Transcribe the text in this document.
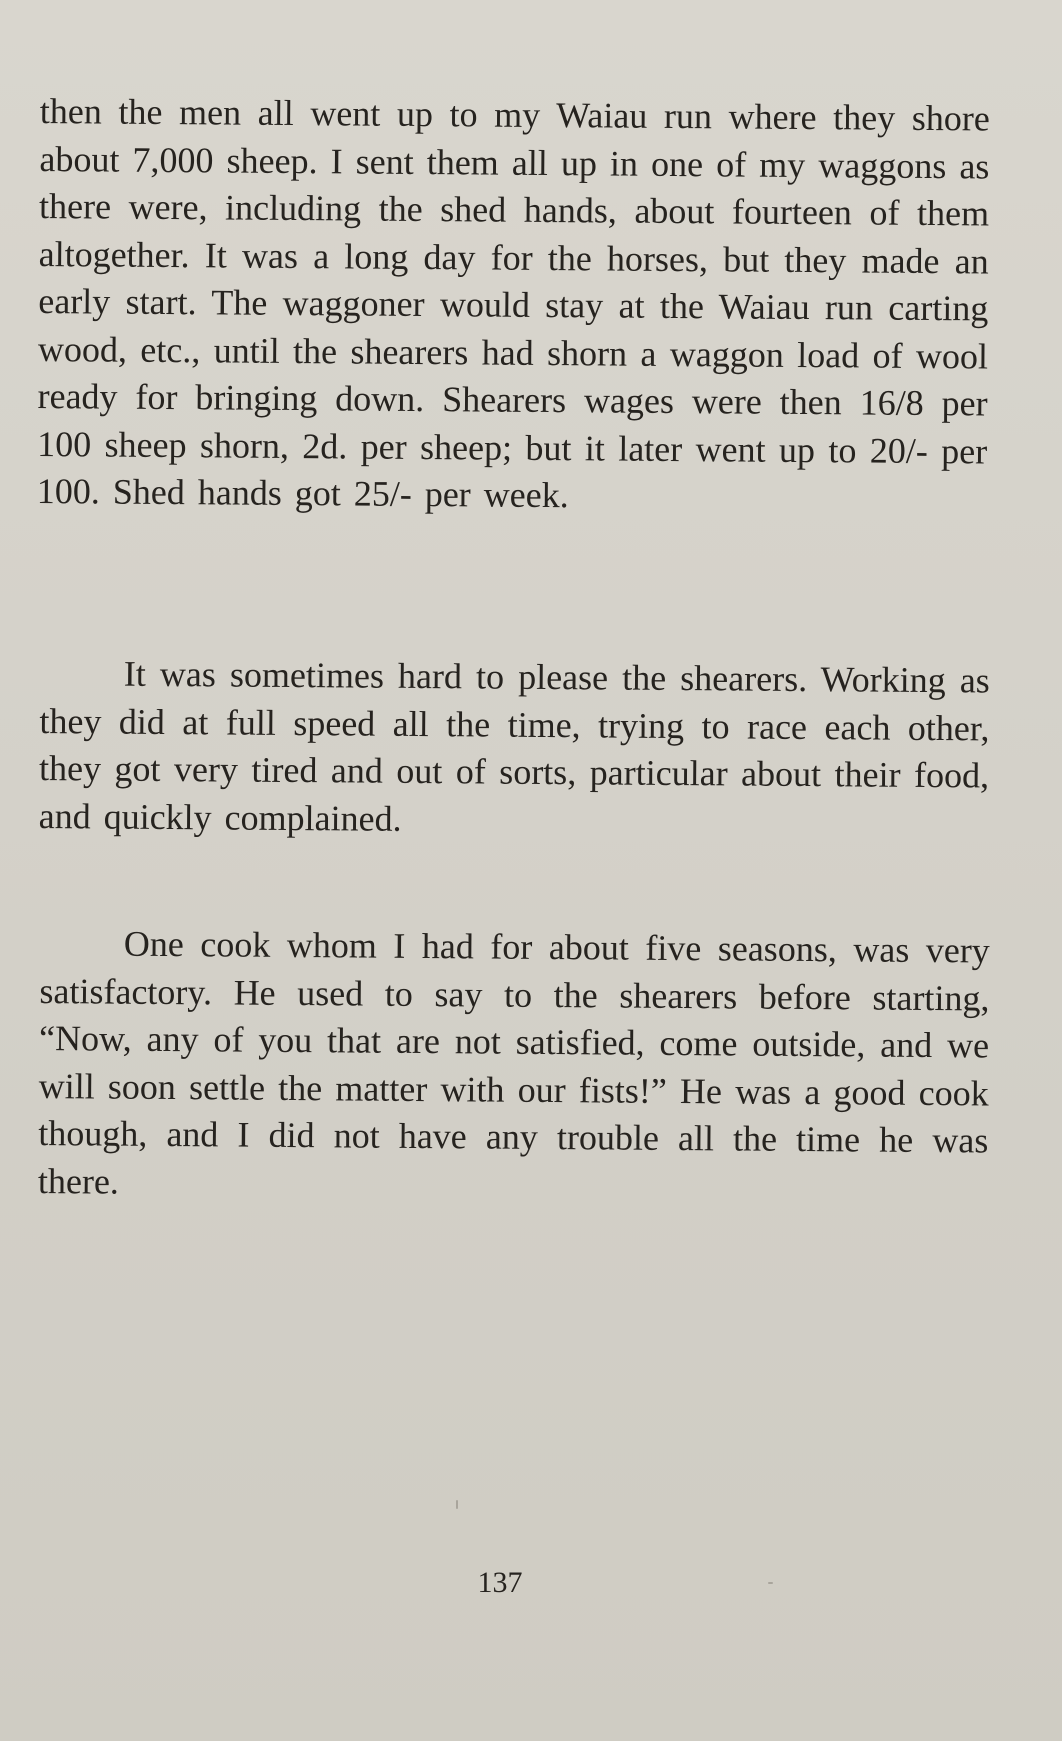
then the men all went up to my Waiau run where they shore about 7,000 sheep. I sent them all up in one of my waggons as there were, including the shed hands, about fourteen of them altogether. It was a long day for the horses, but they made an early start. The waggoner would stay at the Waiau run carting wood, etc., until the shearers had shorn a waggon load of wool ready for bringing down. Shearers wages were then 16/8 per 100 sheep shorn, 2d. per sheep; but it later went up to 20/- per 100. Shed hands got 25/- per week.

It was sometimes hard to please the shearers. Working as they did at full speed all the time, trying to race each other, they got very tired and out of sorts, particular about their food, and quickly complained.

One cook whom I had for about five seasons, was very satisfactory. He used to say to the shearers before starting, “Now, any of you that are not satisfied, come outside, and we will soon settle the matter with our fists!” He was a good cook though, and I did not have any trouble all the time he was there.

137
